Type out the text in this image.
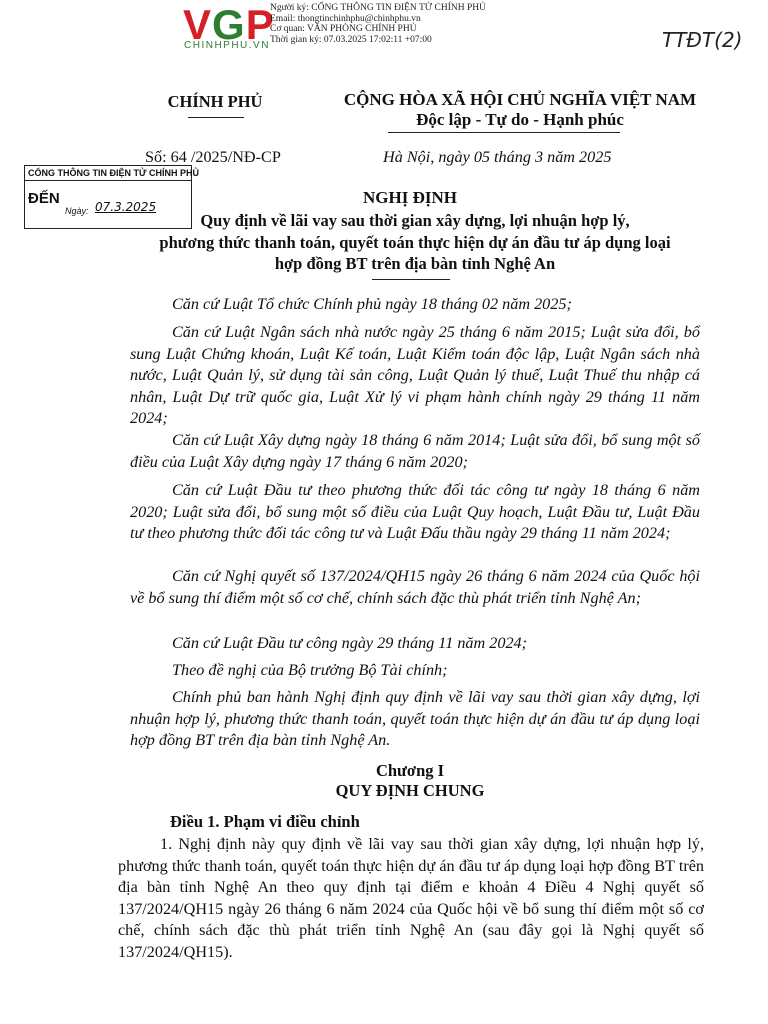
VGP
CHINHPHU.VN
Người ký: CỔNG THÔNG TIN ĐIỆN TỬ CHÍNH PHỦ
Email: thongtinchinhphu@chinhphu.vn
Cơ quan: VĂN PHÒNG CHÍNH PHỦ
Thời gian ký: 07.03.2025 17:02:11 +07:00	TTĐT(2)
CHÍNH PHỦ	CỘNG HÒA XÃ HỘI CHỦ NGHĨA VIỆT NAM
Độc lập - Tự do - Hạnh phúc
Số: 64 /2025/NĐ-CP	Hà Nội, ngày 05 tháng 3 năm 2025
CỔNG THÔNG TIN ĐIỆN TỬ CHÍNH PHỦ
ĐẾN
Ngày: 07.3.2025	NGHỊ ĐỊNH
Quy định về lãi vay sau thời gian xây dựng, lợi nhuận hợp lý,
phương thức thanh toán, quyết toán thực hiện dự án đầu tư áp dụng loại
hợp đồng BT trên địa bàn tỉnh Nghệ An
Căn cứ Luật Tổ chức Chính phủ ngày 18 tháng 02 năm 2025;
Căn cứ Luật Ngân sách nhà nước ngày 25 tháng 6 năm 2015; Luật sửa đổi, bổ sung Luật Chứng khoán, Luật Kế toán, Luật Kiểm toán độc lập, Luật Ngân sách nhà nước, Luật Quản lý, sử dụng tài sản công, Luật Quản lý thuế, Luật Thuế thu nhập cá nhân, Luật Dự trữ quốc gia, Luật Xử lý vi phạm hành chính ngày 29 tháng 11 năm 2024;
Căn cứ Luật Xây dựng ngày 18 tháng 6 năm 2014; Luật sửa đổi, bổ sung một số điều của Luật Xây dựng ngày 17 tháng 6 năm 2020;
Căn cứ Luật Đầu tư theo phương thức đối tác công tư ngày 18 tháng 6 năm 2020; Luật sửa đổi, bổ sung một số điều của Luật Quy hoạch, Luật Đầu tư, Luật Đầu tư theo phương thức đối tác công tư và Luật Đấu thầu ngày 29 tháng 11 năm 2024;
Căn cứ Nghị quyết số 137/2024/QH15 ngày 26 tháng 6 năm 2024 của Quốc hội về bổ sung thí điểm một số cơ chế, chính sách đặc thù phát triển tỉnh Nghệ An;
Căn cứ Luật Đầu tư công ngày 29 tháng 11 năm 2024;
Theo đề nghị của Bộ trưởng Bộ Tài chính;
Chính phủ ban hành Nghị định quy định về lãi vay sau thời gian xây dựng, lợi nhuận hợp lý, phương thức thanh toán, quyết toán thực hiện dự án đầu tư áp dụng loại hợp đồng BT trên địa bàn tỉnh Nghệ An.
Chương I
QUY ĐỊNH CHUNG
Điều 1. Phạm vi điều chỉnh
1. Nghị định này quy định về lãi vay sau thời gian xây dựng, lợi nhuận hợp lý, phương thức thanh toán, quyết toán thực hiện dự án đầu tư áp dụng loại hợp đồng BT trên địa bàn tỉnh Nghệ An theo quy định tại điểm e khoản 4 Điều 4 Nghị quyết số 137/2024/QH15 ngày 26 tháng 6 năm 2024 của Quốc hội về bổ sung thí điểm một số cơ chế, chính sách đặc thù phát triển tỉnh Nghệ An (sau đây gọi là Nghị quyết số 137/2024/QH15).
